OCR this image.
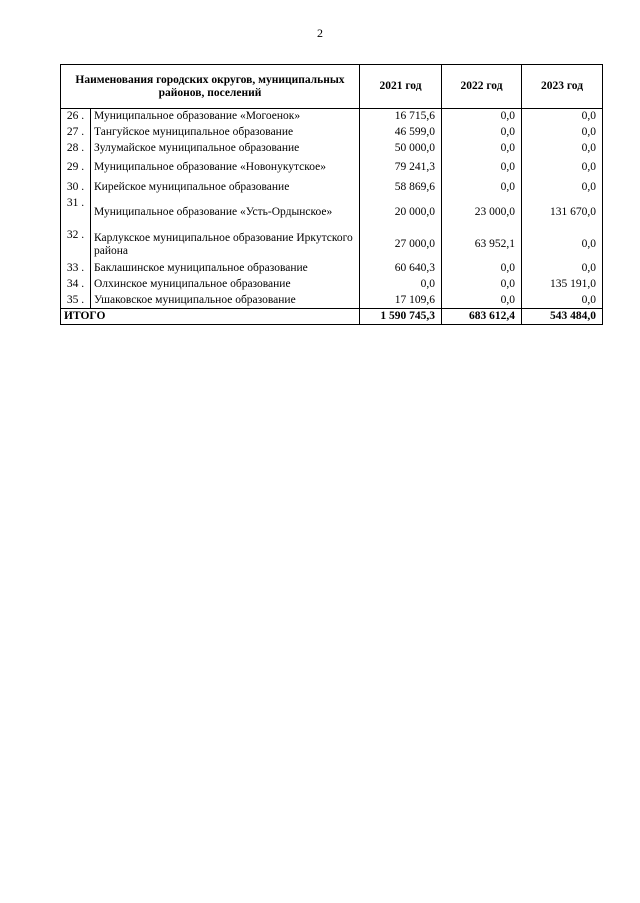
2
Наименования городских округов, муниципальных районов, поселений		2021 год	2022 год	2023 год
26 .	Муниципальное образование «Могоенок»	16 715,6	0,0	0,0
27 .	Тангуйское муниципальное образование	46 599,0	0,0	0,0
28 .	Зулумайское муниципальное образование	50 000,0	0,0	0,0
29 .	Муниципальное образование «Новонукутское»	79 241,3	0,0	0,0
30 .	Кирейское муниципальное образование	58 869,6	0,0	0,0
31 .	Муниципальное образование «Усть-Ордынское»	20 000,0	23 000,0	131 670,0
32 .	Карлукское муниципальное образование Иркутского района	27 000,0	63 952,1	0,0
33 .	Баклашинское муниципальное образование	60 640,3	0,0	0,0
34 .	Олхинское муниципальное образование	0,0	0,0	135 191,0
35 .	Ушаковское муниципальное образование	17 109,6	0,0	0,0
ИТОГО		1 590 745,3	683 612,4	543 484,0
